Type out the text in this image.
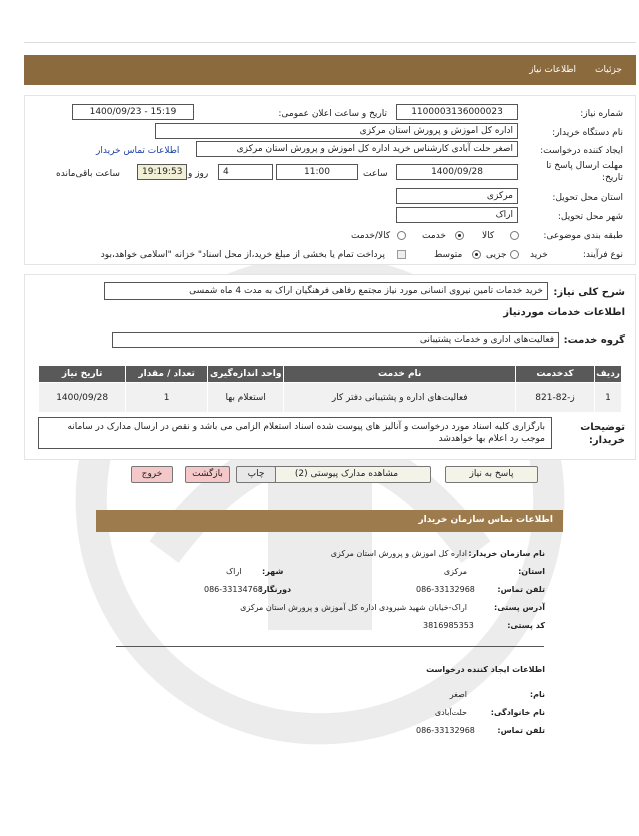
جزئیات
اطلاعات نیاز
شماره نیاز:
1100003136000023
تاریخ و ساعت اعلان عمومی:
1400/09/23 - 15:19
نام دستگاه خریدار:
اداره کل اموزش و پرورش استان مرکزی
ایجاد کننده درخواست:
اصغر حلت آبادی کارشناس خرید اداره کل اموزش و پرورش استان مرکزی
اطلاعات تماس خریدار
مهلت ارسال پاسخ تا
تاریخ:
1400/09/28
ساعت
11:00
4
روز و
19:19:53
ساعت باقی‌مانده
استان محل تحویل:
مرکزی
شهر محل تحویل:
اراک
طبقه بندی موضوعی:
کالا
خدمت
کالا/خدمت
نوع فرآیند:
خرید
جزیی
متوسط
پرداخت تمام یا بخشی از مبلغ خرید،از محل اسناد" خزانه "اسلامی خواهد،بود
شرح کلی نیاز:
خرید خدمات تامین نیروی انسانی مورد نیاز مجتمع رفاهی فرهنگیان اراک به مدت 4 ماه شمسی
اطلاعات خدمات موردنیاز
گروه خدمت:
فعالیت‌های اداری و خدمات پشتیبانی
ردیف	کدخدمت	نام خدمت	واحد اندازه‌گیری	تعداد / مقدار	تاریخ نیاز
1	ز-82-821	فعالیت‌های اداره و پشتیبانی دفتر کار	استعلام بها	1	1400/09/28
توضیحات
خریدار:
بارگزاری کلیه اسناد مورد درخواست و آنالیز های پیوست شده اسناد استعلام الزامی می باشد و نقص در ارسال مدارک در سامانه موجب رد اعلام بها خواهدشد
پاسخ به نیاز
مشاهده مدارک پیوستی (2)
چاپ
بازگشت
خروج
اطلاعات تماس سازمان خریدار
نام سازمان خریدار:
اداره کل اموزش و پرورش استان مرکزی
استان:
مرکزی
شهر:
اراک
تلفن تماس:
086-33132968
دورنگار:
086-33134768
آدرس پستی:
اراک-خیابان شهید شیرودی اداره کل آموزش و پرورش استان مرکزی
کد پستی:
3816985353
اطلاعات ایجاد کننده درخواست
نام:
اصغر
نام خانوادگی:
حلت‌آبادی
تلفن تماس:
086-33132968
